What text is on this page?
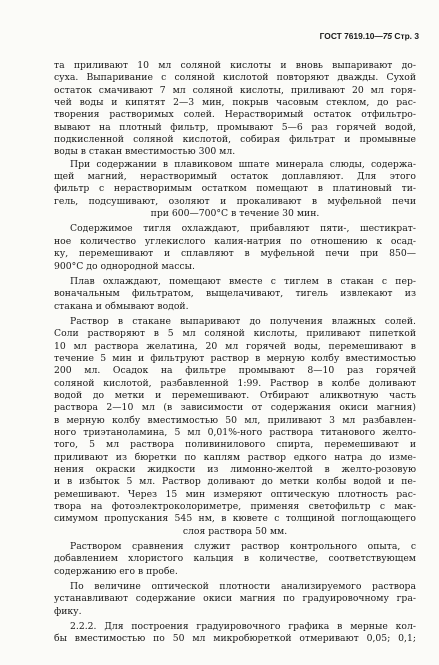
ГОСТ 7619.10—75 Стр. 3

та приливают 10 мл соляной кислоты и вновь выпаривают до-

суха. Выпаривание с соляной кислотой повторяют дважды. Сухой

остаток смачивают 7 мл соляной кислоты, приливают 20 мл горя-

чей воды и кипятят 2—3 мин, покрыв часовым стеклом, до рас-

творения растворимых солей. Нерастворимый остаток отфильтро-

вывают на плотный фильтр, промывают 5—6 раз горячей водой,

подкисленной соляной кислотой, собирая фильтрат и промывные

воды в стакан вместимостью 300 мл.

При содержании в плавиковом шпате минерала слюды, содержа-

щей магний, нерастворимый остаток доплавляют. Для этого

фильтр с нерастворимым остатком помещают в платиновый ти-

гель, подсушивают, озоляют и прокаливают в муфельной печи

при 600—700°С в течение 30 мин.

Содержимое тигля охлаждают, прибавляют пяти-, шестикрат-

ное количество углекислого калия-натрия по отношению к осад-

ку, перемешивают и сплавляют в муфельной печи при 850—

900°С до однородной массы.

Плав охлаждают, помещают вместе с тиглем в стакан с пер-

воначальным фильтратом, выщелачивают, тигель извлекают из

стакана и обмывают водой.

Раствор в стакане выпаривают до получения влажных солей.

Соли растворяют в 5 мл соляной кислоты, приливают пипеткой

10 мл раствора желатина, 20 мл горячей воды, перемешивают в

течение 5 мин и фильтруют раствор в мерную колбу вместимостью

200 мл. Осадок на фильтре промывают 8—10 раз горячей

соляной кислотой, разбавленной 1:99. Раствор в колбе доливают

водой до метки и перемешивают. Отбирают аликвотную часть

раствора 2—10 мл (в зависимости от содержания окиси магния)

в мерную колбу вместимостью 50 мл, приливают 3 мл разбавлен-

ного триэтаноламина, 5 мл 0,01%-ного раствора титанового желто-

того, 5 мл раствора поливинилового спирта, перемешивают и

приливают из бюретки по каплям раствор едкого натра до изме-

нения окраски жидкости из лимонно-желтой в желто-розовую

и в избыток 5 мл. Раствор доливают до метки колбы водой и пе-

ремешивают. Через 15 мин измеряют оптическую плотность рас-

твора на фотоэлектроколориметре, применяя светофильтр с мак-

симумом пропускания 545 нм, в кювете с толщиной поглощающего

слоя раствора 50 мм.

Раствором сравнения служит раствор контрольного опыта, с

добавлением хлористого кальция в количестве, соответствующем

содержанию его в пробе.

По величине оптической плотности анализируемого раствора

устанавливают содержание окиси магния по градуировочному гра-

фику.

2.2.2. Для построения градуировочного графика в мерные кол-

бы вместимостью по 50 мл микробюреткой отмеривают 0,05; 0,1;
